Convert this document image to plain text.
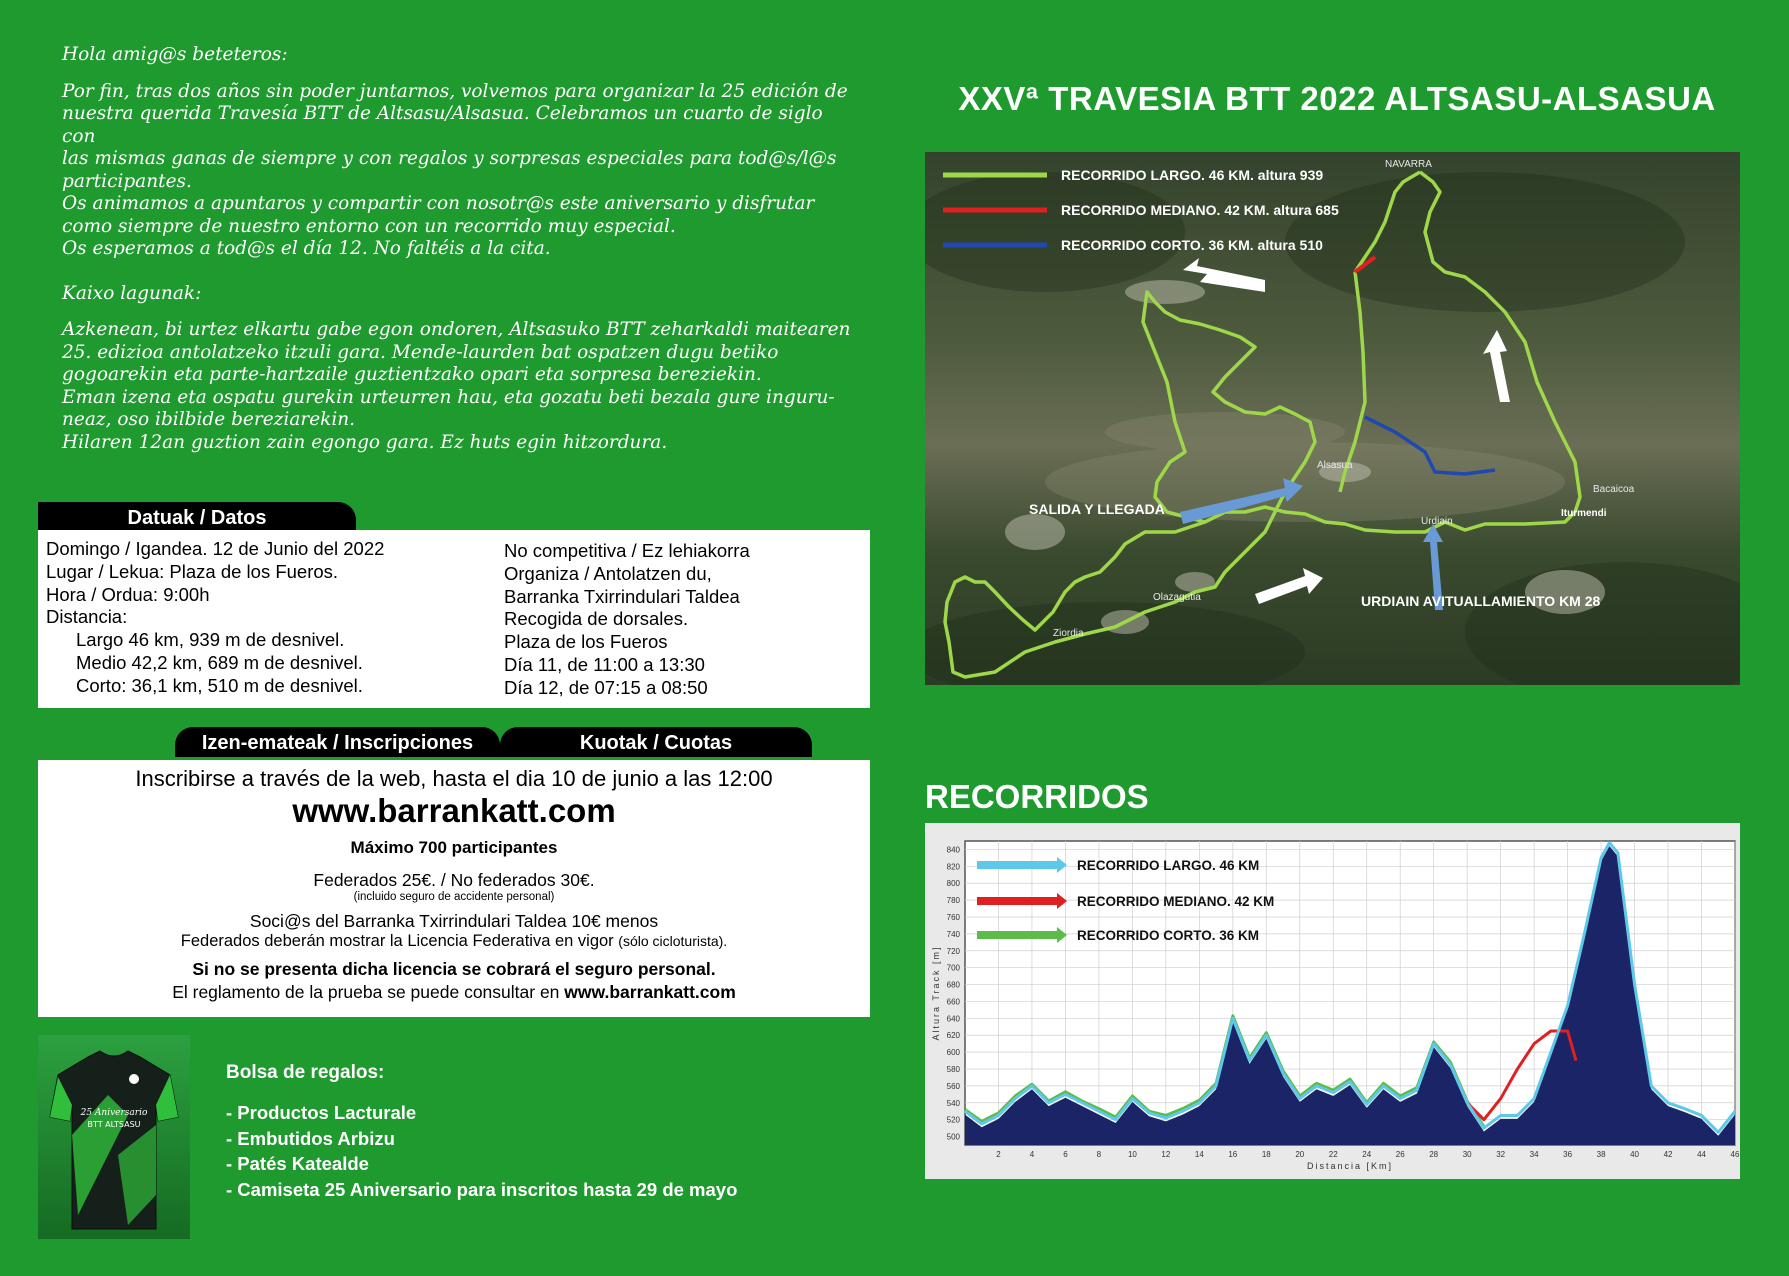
Hola amig@s beteteros:

Por fin, tras dos años sin poder juntarnos, volvemos para organizar la 25 edición de
nuestra querida Travesía BTT de Altsasu/Alsasua. Celebramos un cuarto de siglo con
las mismas ganas de siempre y con regalos y sorpresas especiales para tod@s/l@s
participantes.
Os animamos a apuntaros y compartir con nosotr@s este aniversario y disfrutar
como siempre de nuestro entorno con un recorrido muy especial.
Os esperamos a tod@s el día 12. No faltéis a la cita.

Kaixo lagunak:

Azkenean, bi urtez elkartu gabe egon ondoren, Altsasuko BTT zeharkaldi maitearen
25. edizioa antolatzeko itzuli gara. Mende-laurden bat ospatzen dugu betiko
gogoarekin eta parte-hartzaile guztientzako opari eta sorpresa bereziekin.
Eman izena eta ospatu gurekin urteurren hau, eta gozatu beti bezala gure inguru-
neaz, oso ibilbide bereziarekin.
Hilaren 12an guztion zain egongo gara. Ez huts egin hitzordura.

Datuak / Datos
Domingo / Igandea. 12 de Junio del 2022
Lugar / Lekua: Plaza de los Fueros.
Hora / Ordua: 9:00h
Distancia:
Largo 46 km, 939 m de desnivel.
Medio 42,2 km, 689 m de desnivel.
Corto: 36,1 km, 510 m de desnivel.
No competitiva / Ez lehiakorra
Organiza / Antolatzen du,
Barranka Txirrindulari Taldea
Recogida de dorsales.
Plaza de los Fueros
Día 11, de 11:00 a 13:30
Día 12, de 07:15 a 08:50
Izen-emateak / Inscripciones	Kuotak / Cuotas
Inscribirse a través de la web, hasta el dia 10 de junio a las 12:00
www.barrankatt.com
Máximo 700 participantes
Federados 25€. / No federados 30€.
(incluido seguro de accidente personal)
Soci@s del Barranka Txirrindulari Taldea 10€ menos
Federados deberán mostrar la Licencia Federativa en vigor (sólo cicloturista).
Si no se presenta dicha licencia se cobrará el seguro personal.
El reglamento de la prueba se puede consultar en www.barrankatt.com
25 Aniversario
BTT ALTSASU
Bolsa de regalos:
- Productos Lacturale
- Embutidos Arbizu
- Patés Katealde
- Camiseta 25 Aniversario para inscritos hasta 29 de mayo
XXVª TRAVESIA BTT 2022 ALTSASU-ALSASUA
RECORRIDO LARGO. 46 KM. altura 939
RECORRIDO MEDIANO. 42 KM. altura 685
RECORRIDO CORTO. 36 KM. altura 510
NAVARRA
Alsasua
Bacaicoa
Urdiain
Olazagutia
Ziordia
Iturmendi
SALIDA Y LLEGADA
URDIAIN AVITUALLAMIENTO KM 28
RECORRIDOS
500
520
540
560
580
600
620
640
660
680
700
720
740
760
780
800
820
840
2	4	6	8	10	12	14	16	18	20	22	24	26	28	30	32	34	36	38	40	42	44	46
Distancia [Km]
Altura Track [m]
RECORRIDO LARGO. 46 KM
RECORRIDO MEDIANO. 42 KM
RECORRIDO CORTO. 36 KM
